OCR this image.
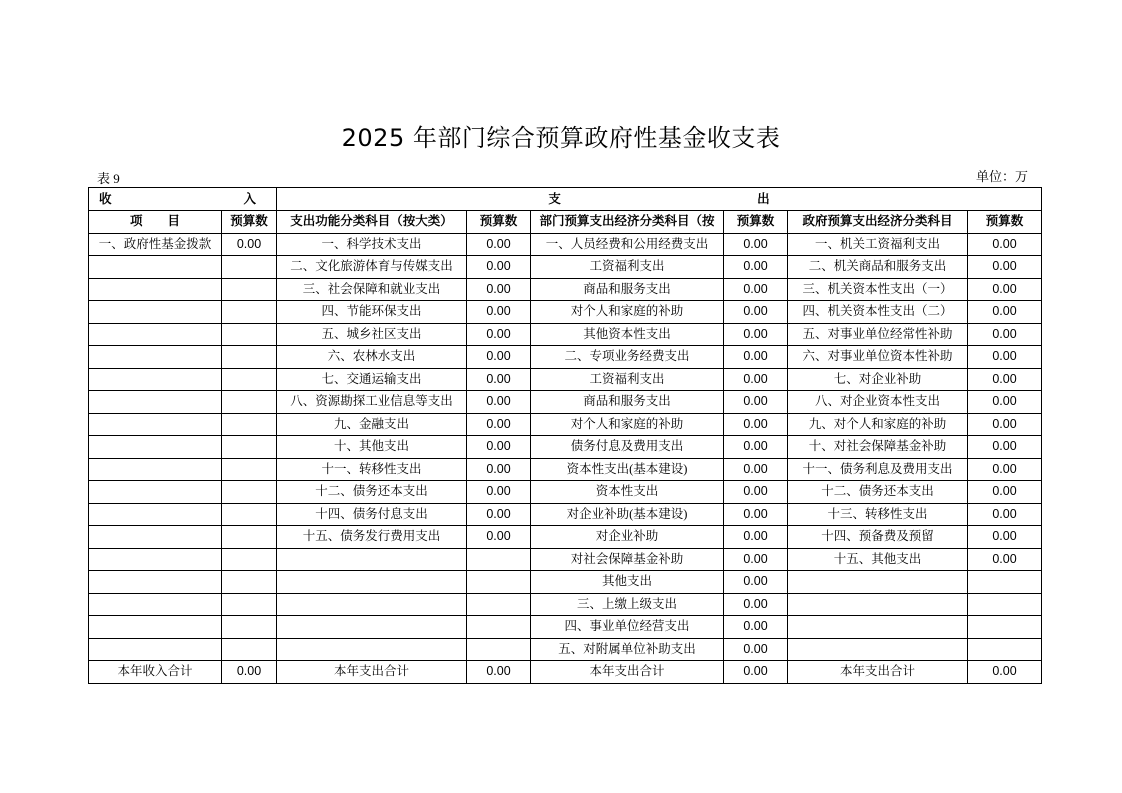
2025 年部门综合预算政府性基金收支表
表 9	单位：万
收 入		支 出					

项　　目	预算数	支出功能分类科目（按大类）	预算数	部门预算支出经济分类科目（按	预算数	政府预算支出经济分类科目	预算数
一、政府性基金拨款	0.00	一、科学技术支出	0.00	一、人员经费和公用经费支出	0.00	一、机关工资福利支出	0.00
		二、文化旅游体育与传媒支出	0.00	工资福利支出	0.00	二、机关商品和服务支出	0.00
		三、社会保障和就业支出	0.00	商品和服务支出	0.00	三、机关资本性支出（一）	0.00
		四、节能环保支出	0.00	对个人和家庭的补助	0.00	四、机关资本性支出（二）	0.00
		五、城乡社区支出	0.00	其他资本性支出	0.00	五、对事业单位经常性补助	0.00
		六、农林水支出	0.00	二、专项业务经费支出	0.00	六、对事业单位资本性补助	0.00
		七、交通运输支出	0.00	工资福利支出	0.00	七、对企业补助	0.00
		八、资源勘探工业信息等支出	0.00	商品和服务支出	0.00	八、对企业资本性支出	0.00
		九、金融支出	0.00	对个人和家庭的补助	0.00	九、对个人和家庭的补助	0.00
		十、其他支出	0.00	债务付息及费用支出	0.00	十、对社会保障基金补助	0.00
		十一、转移性支出	0.00	资本性支出(基本建设)	0.00	十一、债务利息及费用支出	0.00
		十二、债务还本支出	0.00	资本性支出	0.00	十二、债务还本支出	0.00
		十四、债务付息支出	0.00	对企业补助(基本建设)	0.00	十三、转移性支出	0.00
		十五、债务发行费用支出	0.00	对企业补助	0.00	十四、预备费及预留	0.00
				对社会保障基金补助	0.00	十五、其他支出	0.00
				其他支出	0.00		
				三、上缴上级支出	0.00		
				四、事业单位经营支出	0.00		
				五、对附属单位补助支出	0.00		
本年收入合计	0.00	本年支出合计	0.00	本年支出合计	0.00	本年支出合计	0.00
